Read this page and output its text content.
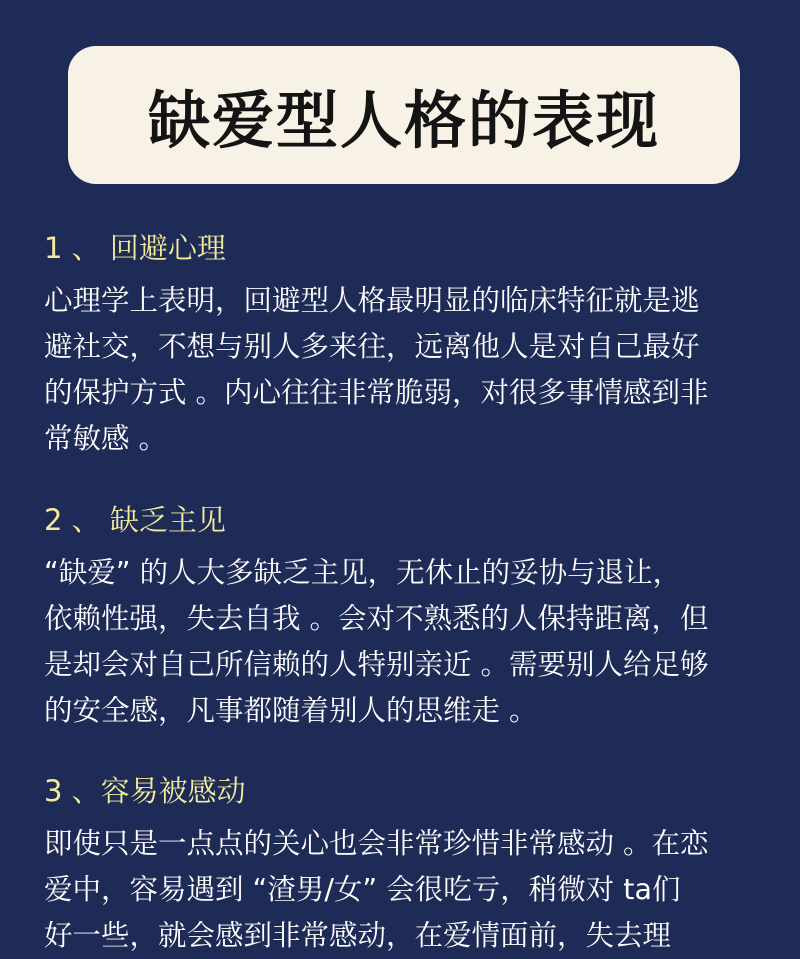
缺爱型人格的表现
1 、 回避心理
心理学上表明，回避型人格最明显的临床特征就是逃
避社交，不想与别人多来往，远离他人是对自己最好
的保护方式 。内心往往非常脆弱，对很多事情感到非
常敏感 。
2 、 缺乏主见
“缺爱” 的人大多缺乏主见，无休止的妥协与退让，
依赖性强，失去自我 。会对不熟悉的人保持距离，但
是却会对自己所信赖的人特别亲近 。需要别人给足够
的安全感，凡事都随着别人的思维走 。
3 、容易被感动
即使只是一点点的关心也会非常珍惜非常感动 。在恋
爱中，容易遇到 “渣男/女” 会很吃亏，稍微对 ta们
好一些，就会感到非常感动，在爱情面前，失去理
